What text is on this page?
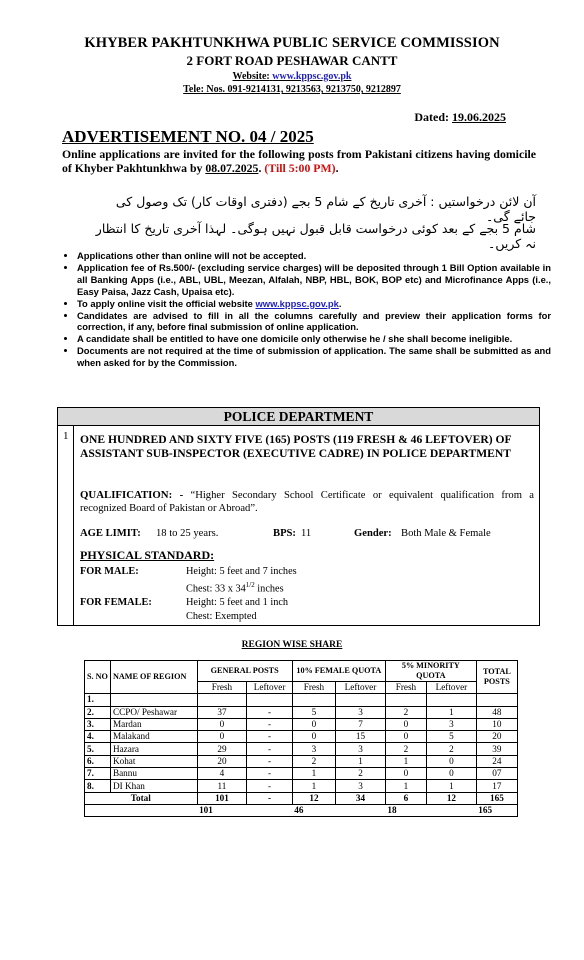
KHYBER PAKHTUNKHWA PUBLIC SERVICE COMMISSION
2 FORT ROAD PESHAWAR CANTT
Website: www.kppsc.gov.pk
Tele: Nos. 091-9214131, 9213563, 9213750, 9212897
Dated: 19.06.2025
ADVERTISEMENT NO. 04 / 2025
Online applications are invited for the following posts from Pakistani citizens having domicile of Khyber Pakhtunkhwa by 08.07.2025. (Till 5:00 PM).
آن لائن درخواستیں : آخری تاریخ کے شام 5 بجے (دفتری اوقات کار) تک وصول کی جائے گی۔
شام 5 بجے کے بعد کوئی درخواست قابل قبول نہیں ہوگی۔ لہذا آخری تاریخ کا انتظار نہ کریں۔
• Applications other than online will not be accepted.
• Application fee of Rs.500/- (excluding service charges) will be deposited through 1 Bill Option available in all Banking Apps (i.e., ABL, UBL, Meezan, Alfalah, NBP, HBL, BOK, BOP etc) and Microfinance Apps (i.e., Easy Paisa, Jazz Cash, Upaisa etc).
• To apply online visit the official website www.kppsc.gov.pk.
• Candidates are advised to fill in all the columns carefully and preview their application forms for correction, if any, before final submission of online application.
• A candidate shall be entitled to have one domicile only otherwise he / she shall become ineligible.
• Documents are not required at the time of submission of application. The same shall be submitted as and when asked for by the Commission.
POLICE DEPARTMENT
1 ONE HUNDRED AND SIXTY FIVE (165) POSTS (119 FRESH & 46 LEFTOVER) OF ASSISTANT SUB-INSPECTOR (EXECUTIVE CADRE) IN POLICE DEPARTMENT
QUALIFICATION: - “Higher Secondary School Certificate or equivalent qualification from a recognized Board of Pakistan or Abroad”.
AGE LIMIT: 18 to 25 years.	BPS: 11	Gender: Both Male & Female
PHYSICAL STANDARD:
FOR MALE:	Height: 5 feet and 7 inches
Chest: 33 x $34^{1/2}$ inches
FOR FEMALE:	Height: 5 feet and 1 inch
Chest: Exempted
REGION WISE SHARE
S. NO	NAME OF REGION	GENERAL POSTS		10% FEMALE QUOTA		5% MINORITY QUOTA		TOTAL POSTS
		Fresh	Leftover	Fresh	Leftover	Fresh	Leftover	
1.								
2.	CCPO/ Peshawar	37	-	5	3	2	1	48
3.	Mardan	0	-	0	7	0	3	10
4.	Malakand	0	-	0	15	0	5	20
5.	Hazara	29	-	3	3	2	2	39
6.	Kohat	20	-	2	1	1	0	24
7.	Bannu	4	-	1	2	0	0	07
8.	DI Khan	11	-	1	3	1	1	17
Total		101	-	12	34	6	12	165
		101		46		18		165
